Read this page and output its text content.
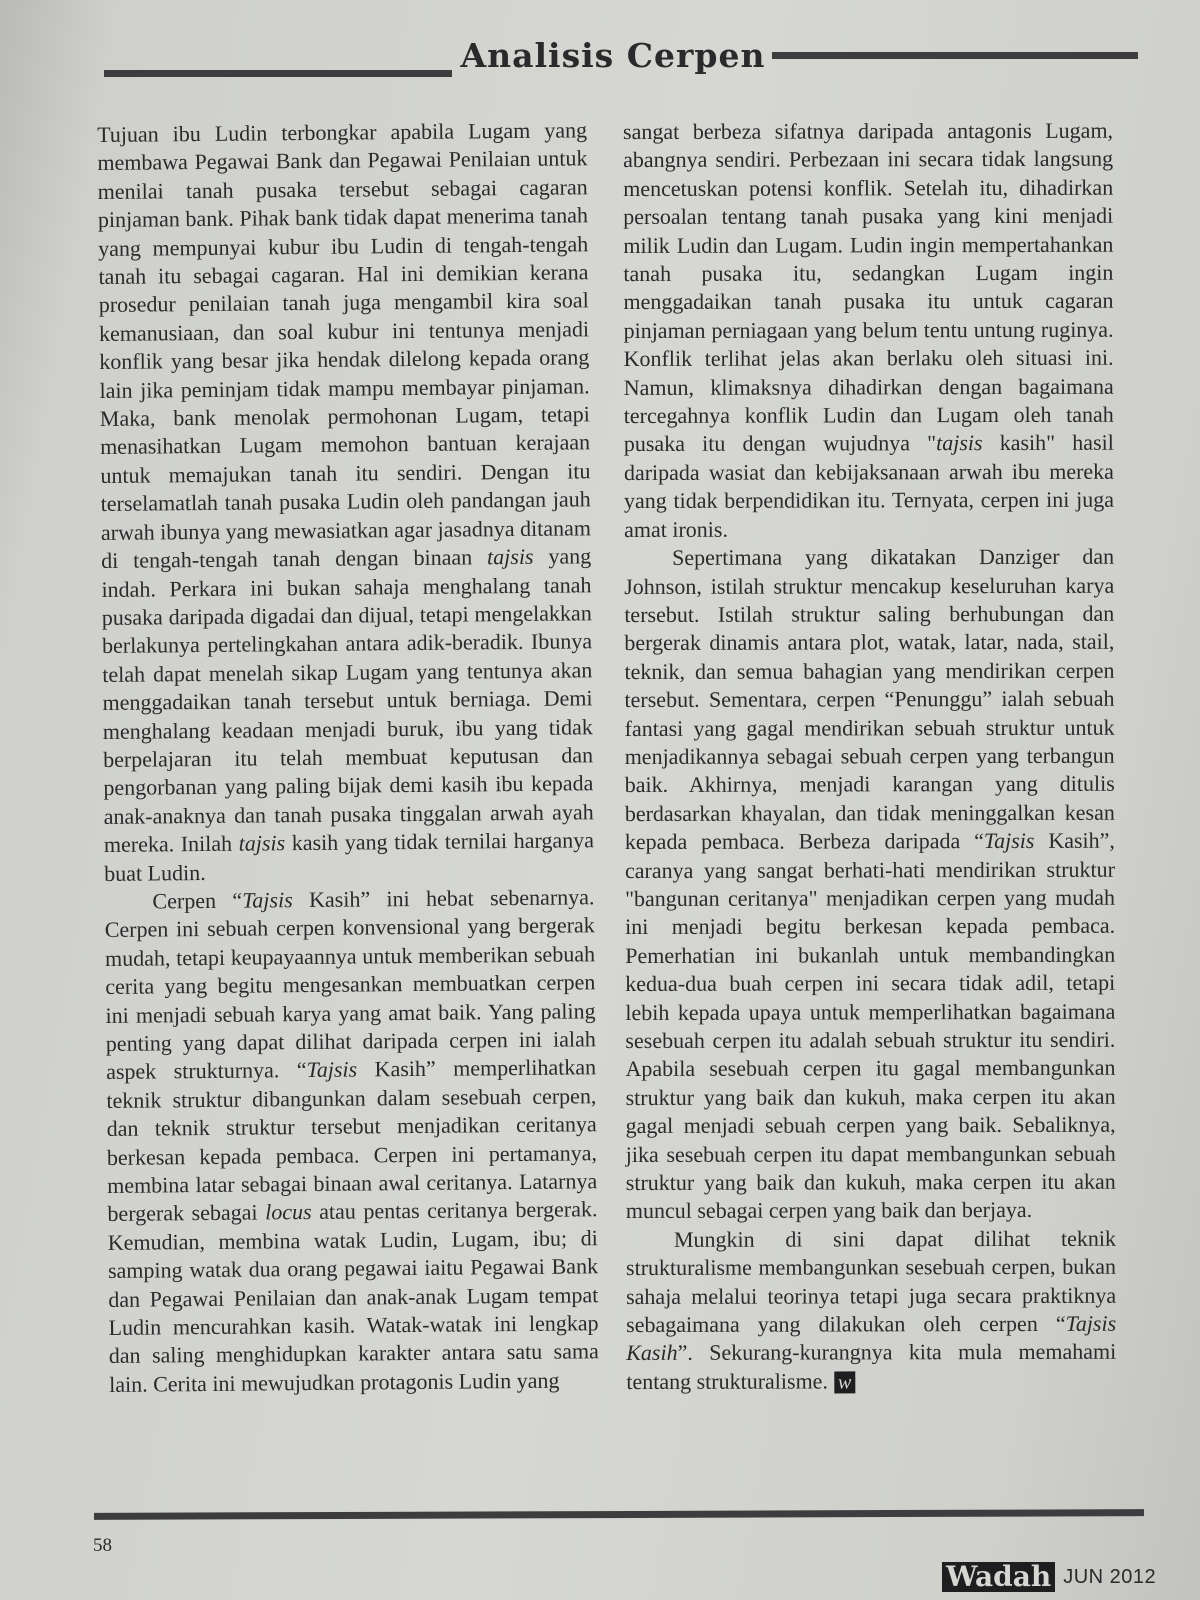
Analisis Cerpen

Tujuan ibu Ludin terbongkar apabila Lugam yang membawa Pegawai Bank dan Pegawai Penilaian untuk menilai tanah pusaka tersebut sebagai cagaran pinjaman bank. Pihak bank tidak dapat menerima tanah yang mempunyai kubur ibu Ludin di tengah-tengah tanah itu sebagai cagaran. Hal ini demikian kerana prosedur penilaian tanah juga mengambil kira soal kemanusiaan, dan soal kubur ini tentunya menjadi konflik yang besar jika hendak dilelong kepada orang lain jika peminjam tidak mampu membayar pinjaman. Maka, bank menolak permohonan Lugam, tetapi menasihatkan Lugam memohon bantuan kerajaan untuk memajukan tanah itu sendiri. Dengan itu terselamatlah tanah pusaka Ludin oleh pandangan jauh arwah ibunya yang mewasiatkan agar jasadnya ditanam di tengah-tengah tanah dengan binaan tajsis yang indah. Perkara ini bukan sahaja menghalang tanah pusaka daripada digadai dan dijual, tetapi mengelakkan berlakunya pertelingkahan antara adik-beradik. Ibunya telah dapat menelah sikap Lugam yang tentunya akan menggadaikan tanah tersebut untuk berniaga. Demi menghalang keadaan menjadi buruk, ibu yang tidak berpelajaran itu telah membuat keputusan dan pengorbanan yang paling bijak demi kasih ibu kepada anak-anaknya dan tanah pusaka tinggalan arwah ayah mereka. Inilah tajsis kasih yang tidak ternilai harganya buat Ludin.

Cerpen “Tajsis Kasih” ini hebat sebenarnya. Cerpen ini sebuah cerpen konvensional yang bergerak mudah, tetapi keupayaannya untuk memberikan sebuah cerita yang begitu mengesankan membuatkan cerpen ini menjadi sebuah karya yang amat baik. Yang paling penting yang dapat dilihat daripada cerpen ini ialah aspek strukturnya. “Tajsis Kasih” memperlihatkan teknik struktur dibangunkan dalam sesebuah cerpen, dan teknik struktur tersebut menjadikan ceritanya berkesan kepada pembaca. Cerpen ini pertamanya, membina latar sebagai binaan awal ceritanya. Latarnya bergerak sebagai locus atau pentas ceritanya bergerak. Kemudian, membina watak Ludin, Lugam, ibu; di samping watak dua orang pegawai iaitu Pegawai Bank dan Pegawai Penilaian dan anak-anak Lugam tempat Ludin mencurahkan kasih. Watak-watak ini lengkap dan saling menghidupkan karakter antara satu sama lain. Cerita ini mewujudkan protagonis Ludin yang

sangat berbeza sifatnya daripada antagonis Lugam, abangnya sendiri. Perbezaan ini secara tidak langsung mencetuskan potensi konflik. Setelah itu, dihadirkan persoalan tentang tanah pusaka yang kini menjadi milik Ludin dan Lugam. Ludin ingin mempertahankan tanah pusaka itu, sedangkan Lugam ingin menggadaikan tanah pusaka itu untuk cagaran pinjaman perniagaan yang belum tentu untung ruginya. Konflik terlihat jelas akan berlaku oleh situasi ini. Namun, klimaksnya dihadirkan dengan bagaimana tercegahnya konflik Ludin dan Lugam oleh tanah pusaka itu dengan wujudnya "tajsis kasih" hasil daripada wasiat dan kebijaksanaan arwah ibu mereka yang tidak berpendidikan itu. Ternyata, cerpen ini juga amat ironis.

Sepertimana yang dikatakan Danziger dan Johnson, istilah struktur mencakup keseluruhan karya tersebut. Istilah struktur saling berhubungan dan bergerak dinamis antara plot, watak, latar, nada, stail, teknik, dan semua bahagian yang mendirikan cerpen tersebut. Sementara, cerpen “Penunggu” ialah sebuah fantasi yang gagal mendirikan sebuah struktur untuk menjadikannya sebagai sebuah cerpen yang terbangun baik. Akhirnya, menjadi karangan yang ditulis berdasarkan khayalan, dan tidak meninggalkan kesan kepada pembaca. Berbeza daripada “Tajsis Kasih”, caranya yang sangat berhati-hati mendirikan struktur "bangunan ceritanya" menjadikan cerpen yang mudah ini menjadi begitu berkesan kepada pembaca. Pemerhatian ini bukanlah untuk membandingkan kedua-dua buah cerpen ini secara tidak adil, tetapi lebih kepada upaya untuk memperlihatkan bagaimana sesebuah cerpen itu adalah sebuah struktur itu sendiri. Apabila sesebuah cerpen itu gagal membangunkan struktur yang baik dan kukuh, maka cerpen itu akan gagal menjadi sebuah cerpen yang baik. Sebaliknya, jika sesebuah cerpen itu dapat membangunkan sebuah struktur yang baik dan kukuh, maka cerpen itu akan muncul sebagai cerpen yang baik dan berjaya.

Mungkin di sini dapat dilihat teknik strukturalisme membangunkan sesebuah cerpen, bukan sahaja melalui teorinya tetapi juga secara praktiknya sebagaimana yang dilakukan oleh cerpen “Tajsis Kasih”. Sekurang-kurangnya kita mula memahami tentang strukturalisme. w

58
Wadah JUN 2012
